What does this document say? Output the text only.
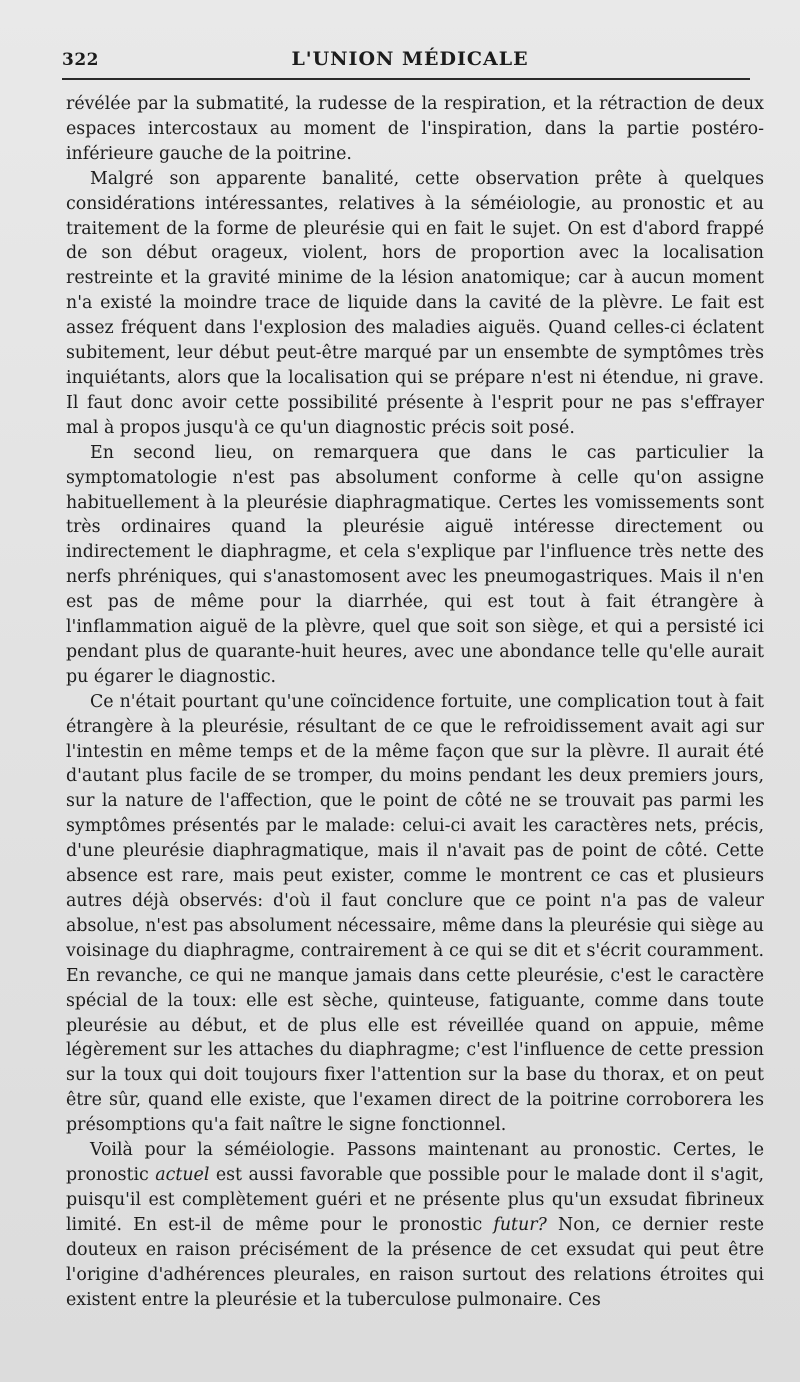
322	L'UNION MÉDICALE

révélée par la submatité, la rudesse de la respiration, et la rétraction de deux espaces intercostaux au moment de l'inspiration, dans la partie postéro-inférieure gauche de la poitrine.

Malgré son apparente banalité, cette observation prête à quelques considérations intéressantes, relatives à la séméiologie, au pronostic et au traitement de la forme de pleurésie qui en fait le sujet. On est d'abord frappé de son début orageux, violent, hors de proportion avec la localisation restreinte et la gravité minime de la lésion anatomique; car à aucun moment n'a existé la moindre trace de liquide dans la cavité de la plèvre. Le fait est assez fréquent dans l'explosion des maladies aiguës. Quand celles-ci éclatent subitement, leur début peut-être marqué par un ensembte de symptômes très inquiétants, alors que la localisation qui se prépare n'est ni étendue, ni grave. Il faut donc avoir cette possibilité présente à l'esprit pour ne pas s'effrayer mal à propos jusqu'à ce qu'un diagnostic précis soit posé.

En second lieu, on remarquera que dans le cas particulier la symptomatologie n'est pas absolument conforme à celle qu'on assigne habituellement à la pleurésie diaphragmatique. Certes les vomissements sont très ordinaires quand la pleurésie aiguë intéresse directement ou indirectement le diaphragme, et cela s'explique par l'influence très nette des nerfs phréniques, qui s'anastomosent avec les pneumogastriques. Mais il n'en est pas de même pour la diarrhée, qui est tout à fait étrangère à l'inflammation aiguë de la plèvre, quel que soit son siège, et qui a persisté ici pendant plus de quarante-huit heures, avec une abondance telle qu'elle aurait pu égarer le diagnostic.

Ce n'était pourtant qu'une coïncidence fortuite, une complication tout à fait étrangère à la pleurésie, résultant de ce que le refroidissement avait agi sur l'intestin en même temps et de la même façon que sur la plèvre. Il aurait été d'autant plus facile de se tromper, du moins pendant les deux premiers jours, sur la nature de l'affection, que le point de côté ne se trouvait pas parmi les symptômes présentés par le malade: celui-ci avait les caractères nets, précis, d'une pleurésie diaphragmatique, mais il n'avait pas de point de côté. Cette absence est rare, mais peut exister, comme le montrent ce cas et plusieurs autres déjà observés: d'où il faut conclure que ce point n'a pas de valeur absolue, n'est pas absolument nécessaire, même dans la pleurésie qui siège au voisinage du diaphragme, contrairement à ce qui se dit et s'écrit couramment. En revanche, ce qui ne manque jamais dans cette pleurésie, c'est le caractère spécial de la toux: elle est sèche, quinteuse, fatiguante, comme dans toute pleurésie au début, et de plus elle est réveillée quand on appuie, même légèrement sur les attaches du diaphragme; c'est l'influence de cette pression sur la toux qui doit toujours fixer l'attention sur la base du thorax, et on peut être sûr, quand elle existe, que l'examen direct de la poitrine corroborera les présomptions qu'a fait naître le signe fonctionnel.

Voilà pour la séméiologie. Passons maintenant au pronostic. Certes, le pronostic actuel est aussi favorable que possible pour le malade dont il s'agit, puisqu'il est complètement guéri et ne présente plus qu'un exsudat fibrineux limité. En est-il de même pour le pronostic futur? Non, ce dernier reste douteux en raison précisément de la présence de cet exsudat qui peut être l'origine d'adhérences pleurales, en raison surtout des relations étroites qui existent entre la pleurésie et la tuberculose pulmonaire. Ces
